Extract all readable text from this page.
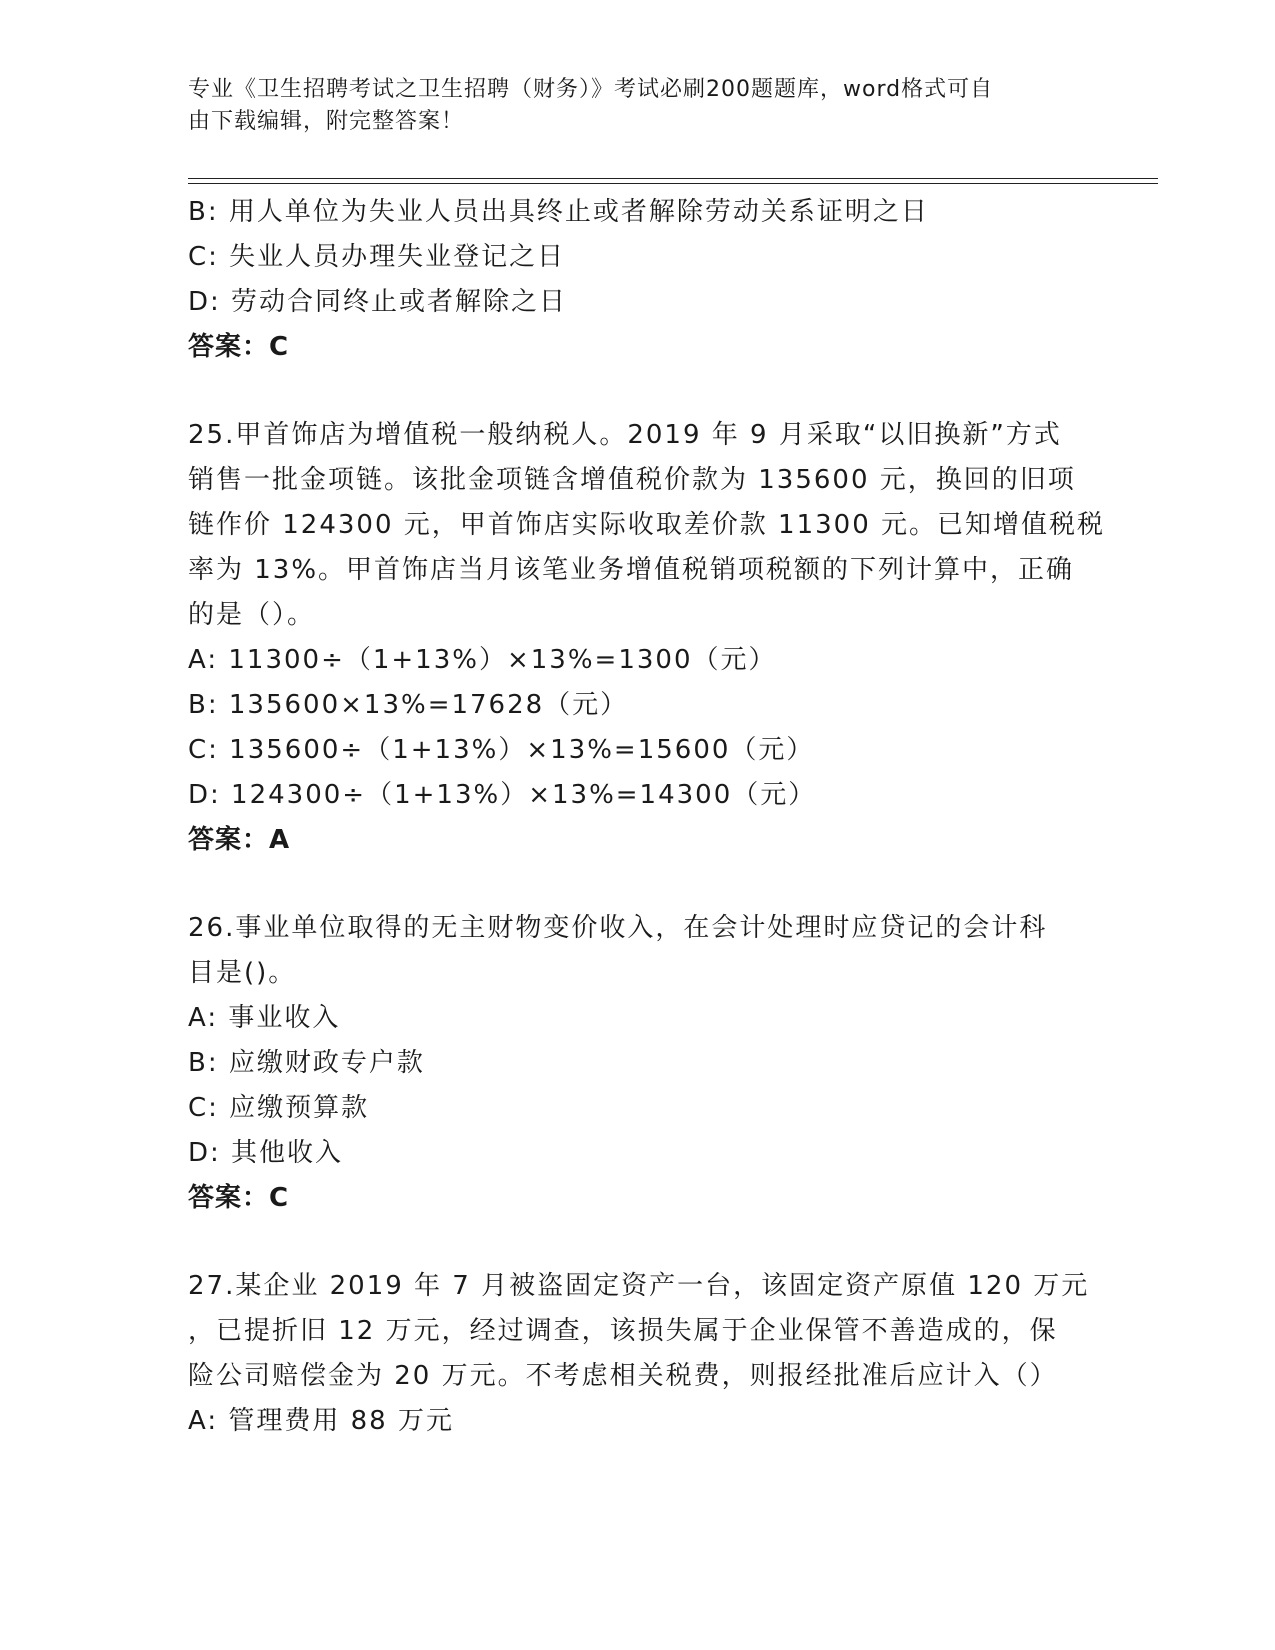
专业《卫生招聘考试之卫生招聘（财务）》考试必刷200题题库，word格式可自
由下载编辑，附完整答案！
B: 用人单位为失业人员出具终止或者解除劳动关系证明之日
C: 失业人员办理失业登记之日
D: 劳动合同终止或者解除之日
答案：C
25.甲首饰店为增值税一般纳税人。2019 年 9 月采取“以旧换新”方式
销售一批金项链。该批金项链含增值税价款为 135600 元，换回的旧项
链作价 124300 元，甲首饰店实际收取差价款 11300 元。已知增值税税
率为 13%。甲首饰店当月该笔业务增值税销项税额的下列计算中，正确
的是（）。
A: 11300÷（1+13%）×13%=1300（元）
B: 135600×13%=17628（元）
C: 135600÷（1+13%）×13%=15600（元）
D: 124300÷（1+13%）×13%=14300（元）
答案：A
26.事业单位取得的无主财物变价收入，在会计处理时应贷记的会计科
目是()。
A: 事业收入
B: 应缴财政专户款
C: 应缴预算款
D: 其他收入
答案：C
27.某企业 2019 年 7 月被盗固定资产一台，该固定资产原值 120 万元
，已提折旧 12 万元，经过调查，该损失属于企业保管不善造成的，保
险公司赔偿金为 20 万元。不考虑相关税费，则报经批准后应计入（）
A: 管理费用 88 万元
